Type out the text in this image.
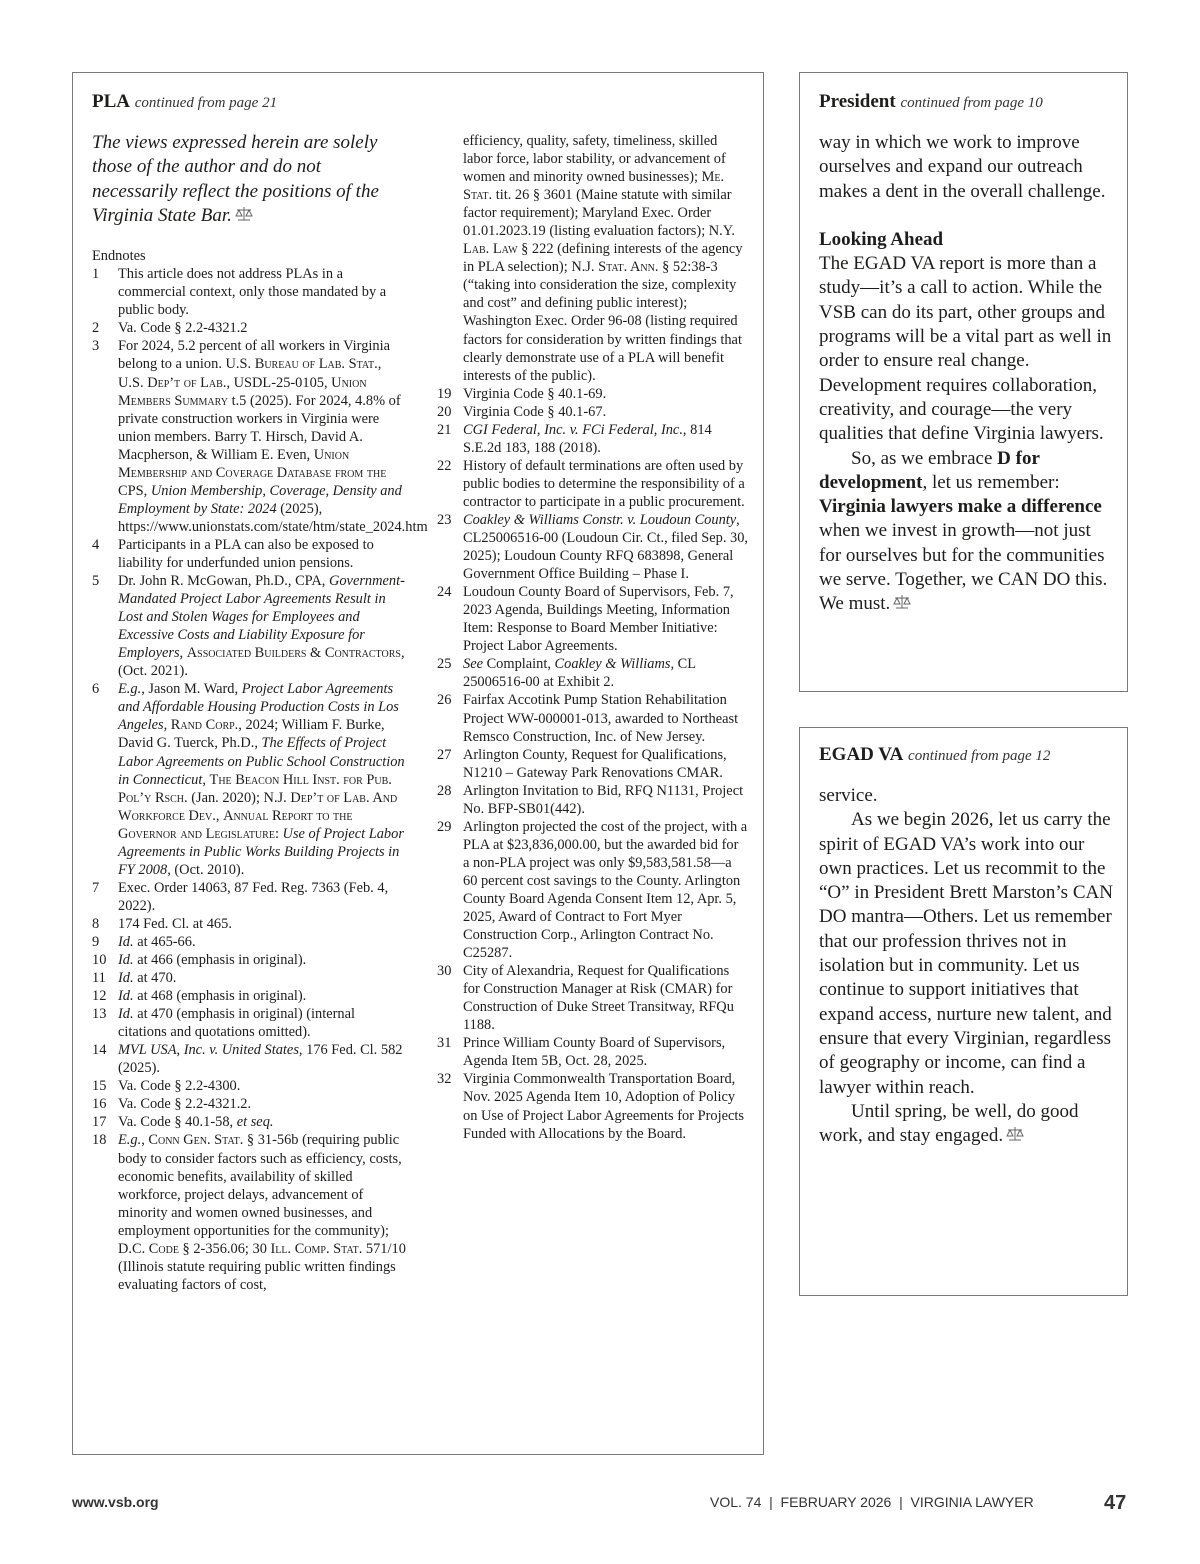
PLA continued from page 21
The views expressed herein are solely those of the author and do not necessarily reflect the positions of the Virginia State Bar.
Endnotes
1 This article does not address PLAs in a commercial context, only those mandated by a public body.
2 Va. Code § 2.2-4321.2
3 For 2024, 5.2 percent of all workers in Virginia belong to a union. U.S. Bureau of Lab. Stat., U.S. Dep’t of Lab., USDL-25-0105, Union Members Summary t.5 (2025). For 2024, 4.8% of private construction workers in Virginia were union members. Barry T. Hirsch, David A. Macpherson, & William E. Even, Union Membership and Coverage Database from the CPS, Union Membership, Coverage, Density and Employment by State: 2024 (2025), https://www.unionstats.com/state/htm/state_2024.htm
4 Participants in a PLA can also be exposed to liability for underfunded union pensions.
5 Dr. John R. McGowan, Ph.D., CPA, Government-Mandated Project Labor Agreements Result in Lost and Stolen Wages for Employees and Excessive Costs and Liability Exposure for Employers, Associated Builders & Contractors, (Oct. 2021).
6 E.g., Jason M. Ward, Project Labor Agreements and Affordable Housing Production Costs in Los Angeles, Rand Corp., 2024; William F. Burke, David G. Tuerck, Ph.D., The Effects of Project Labor Agreements on Public School Construction in Connecticut, The Beacon Hill Inst. for Pub. Pol’y Rsch. (Jan. 2020); N.J. Dep’t of Lab. And Workforce Dev., Annual Report to the Governor and Legislature: Use of Project Labor Agreements in Public Works Building Projects in FY 2008, (Oct. 2010).
7 Exec. Order 14063, 87 Fed. Reg. 7363 (Feb. 4, 2022).
8 174 Fed. Cl. at 465.
9 Id. at 465-66.
10 Id. at 466 (emphasis in original).
11 Id. at 470.
12 Id. at 468 (emphasis in original).
13 Id. at 470 (emphasis in original) (internal citations and quotations omitted).
14 MVL USA, Inc. v. United States, 176 Fed. Cl. 582 (2025).
15 Va. Code § 2.2-4300.
16 Va. Code § 2.2-4321.2.
17 Va. Code § 40.1-58, et seq.
18 E.g., Conn Gen. Stat. § 31-56b (requiring public body to consider factors such as efficiency, costs, economic benefits, availability of skilled workforce, project delays, advancement of minority and women owned businesses, and employment opportunities for the community); D.C. Code § 2-356.06; 30 Ill. Comp. Stat. 571/10 (Illinois statute requiring public written findings evaluating factors of cost,
efficiency, quality, safety, timeliness, skilled labor force, labor stability, or advancement of women and minority owned businesses); Me. Stat. tit. 26 § 3601 (Maine statute with similar factor requirement); Maryland Exec. Order 01.01.2023.19 (listing evaluation factors); N.Y. Lab. Law § 222 (defining interests of the agency in PLA selection); N.J. Stat. Ann. § 52:38-3 (“taking into consideration the size, complexity and cost” and defining public interest); Washington Exec. Order 96-08 (listing required factors for consideration by written findings that clearly demonstrate use of a PLA will benefit interests of the public).
19 Virginia Code § 40.1-69.
20 Virginia Code § 40.1-67.
21 CGI Federal, Inc. v. FCi Federal, Inc., 814 S.E.2d 183, 188 (2018).
22 History of default terminations are often used by public bodies to determine the responsibility of a contractor to participate in a public procurement.
23 Coakley & Williams Constr. v. Loudoun County, CL25006516-00 (Loudoun Cir. Ct., filed Sep. 30, 2025); Loudoun County RFQ 683898, General Government Office Building – Phase I.
24 Loudoun County Board of Supervisors, Feb. 7, 2023 Agenda, Buildings Meeting, Information Item: Response to Board Member Initiative: Project Labor Agreements.
25 See Complaint, Coakley & Williams, CL 25006516-00 at Exhibit 2.
26 Fairfax Accotink Pump Station Rehabilitation Project WW-000001-013, awarded to Northeast Remsco Construction, Inc. of New Jersey.
27 Arlington County, Request for Qualifications, N1210 – Gateway Park Renovations CMAR.
28 Arlington Invitation to Bid, RFQ N1131, Project No. BFP-SB01(442).
29 Arlington projected the cost of the project, with a PLA at $23,836,000.00, but the awarded bid for a non-PLA project was only $9,583,581.58—a 60 percent cost savings to the County. Arlington County Board Agenda Consent Item 12, Apr. 5, 2025, Award of Contract to Fort Myer Construction Corp., Arlington Contract No. C25287.
30 City of Alexandria, Request for Qualifications for Construction Manager at Risk (CMAR) for Construction of Duke Street Transitway, RFQu 1188.
31 Prince William County Board of Supervisors, Agenda Item 5B, Oct. 28, 2025.
32 Virginia Commonwealth Transportation Board, Nov. 2025 Agenda Item 10, Adoption of Policy on Use of Project Labor Agreements for Projects Funded with Allocations by the Board.
President continued from page 10

way in which we work to improve ourselves and expand our outreach makes a dent in the overall challenge.

Looking Ahead

The EGAD VA report is more than a study—it’s a call to action. While the VSB can do its part, other groups and programs will be a vital part as well in order to ensure real change. Development requires collaboration, creativity, and courage—the very qualities that define Virginia lawyers.

So, as we embrace D for development, let us remember: Virginia lawyers make a difference when we invest in growth—not just for ourselves but for the communities we serve. Together, we CAN DO this. We must.

EGAD VA continued from page 12

service.

As we begin 2026, let us carry the spirit of EGAD VA’s work into our own practices. Let us recommit to the “O” in President Brett Marston’s CAN DO mantra—Others. Let us remember that our profession thrives not in isolation but in community. Let us continue to support initiatives that expand access, nurture new talent, and ensure that every Virginian, regardless of geography or income, can find a lawyer within reach.

Until spring, be well, do good work, and stay engaged.

www.vsb.org	VOL. 74  |  FEBRUARY 2026  |  VIRGINIA LAWYER	47
